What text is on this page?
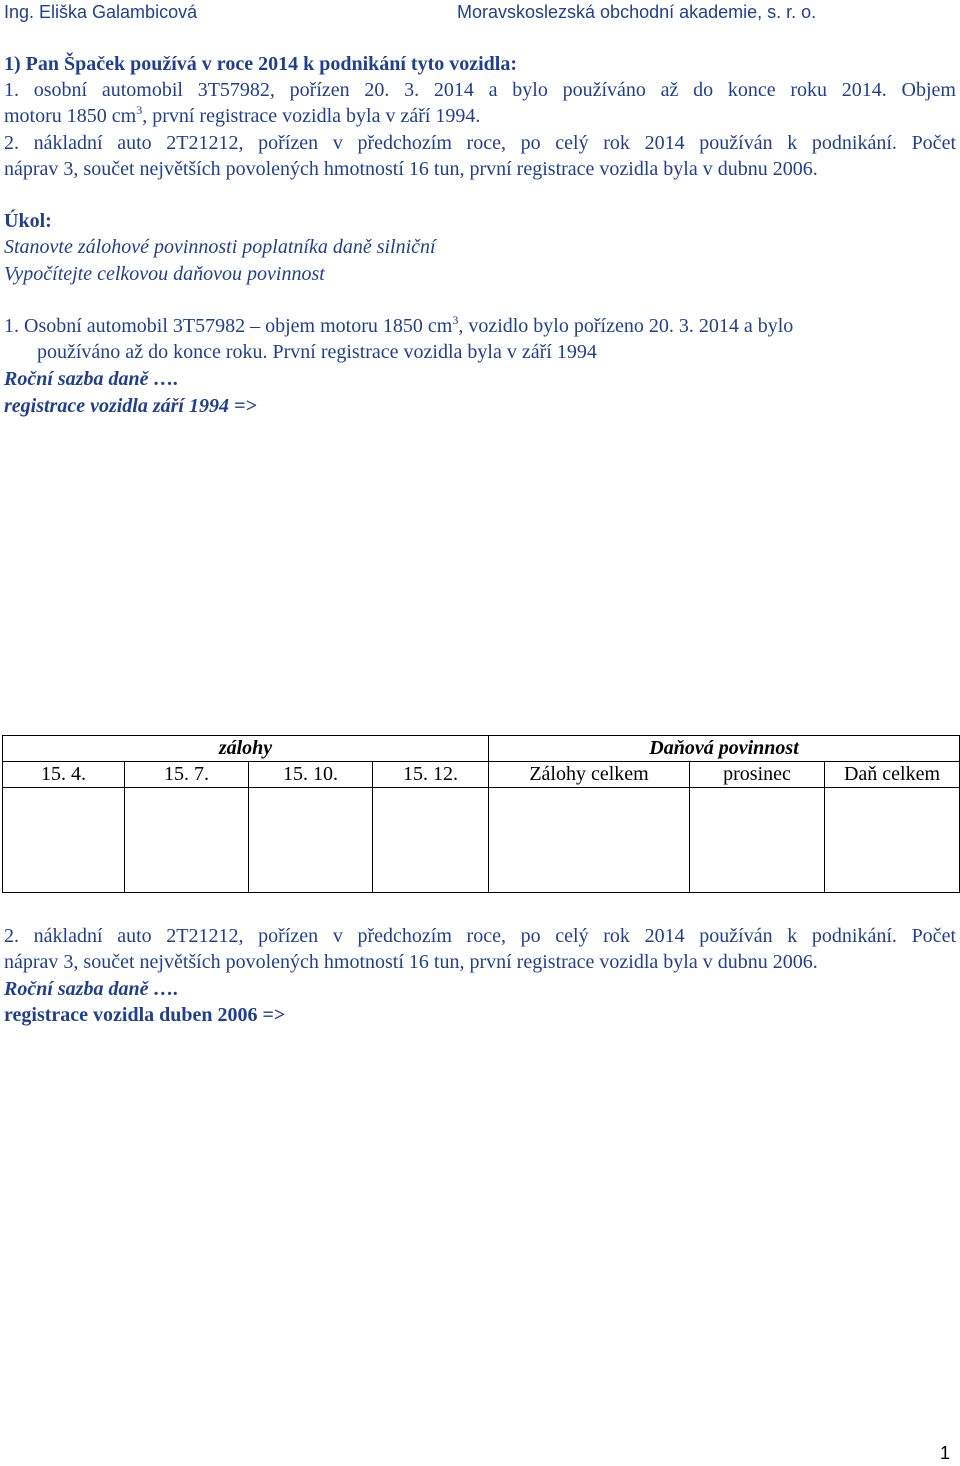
Ing. Eliška Galambicová	Moravskoslezská obchodní akademie, s. r. o.
1) Pan Špaček používá v roce 2014 k podnikání tyto vozidla:
1. osobní automobil 3T57982, pořízen 20. 3. 2014 a bylo používáno až do konce roku 2014. Objem
motoru 1850 $cm^3$, první registrace vozidla byla v září 1994.
2. nákladní auto 2T21212, pořízen v předchozím roce, po celý rok 2014 používán k podnikání. Počet
náprav 3, součet největších povolených hmotností 16 tun, první registrace vozidla byla v dubnu 2006.
Úkol:
Stanovte zálohové povinnosti poplatníka daně silniční
Vypočítejte celkovou daňovou povinnost
1. Osobní automobil 3T57982 – objem motoru 1850 $cm^3$, vozidlo bylo pořízeno 20. 3. 2014 a bylo
používáno až do konce roku. První registrace vozidla byla v září 1994
Roční sazba daně ….
registrace vozidla září 1994 =>
zálohy				Daňová povinnost		
15. 4.	15. 7.	15. 10.	15. 12.	Zálohy celkem	prosinec	Daň celkem

2. nákladní auto 2T21212, pořízen v předchozím roce, po celý rok 2014 používán k podnikání. Počet
náprav 3, součet největších povolených hmotností 16 tun, první registrace vozidla byla v dubnu 2006.
Roční sazba daně ….
registrace vozidla duben 2006 =>
1
